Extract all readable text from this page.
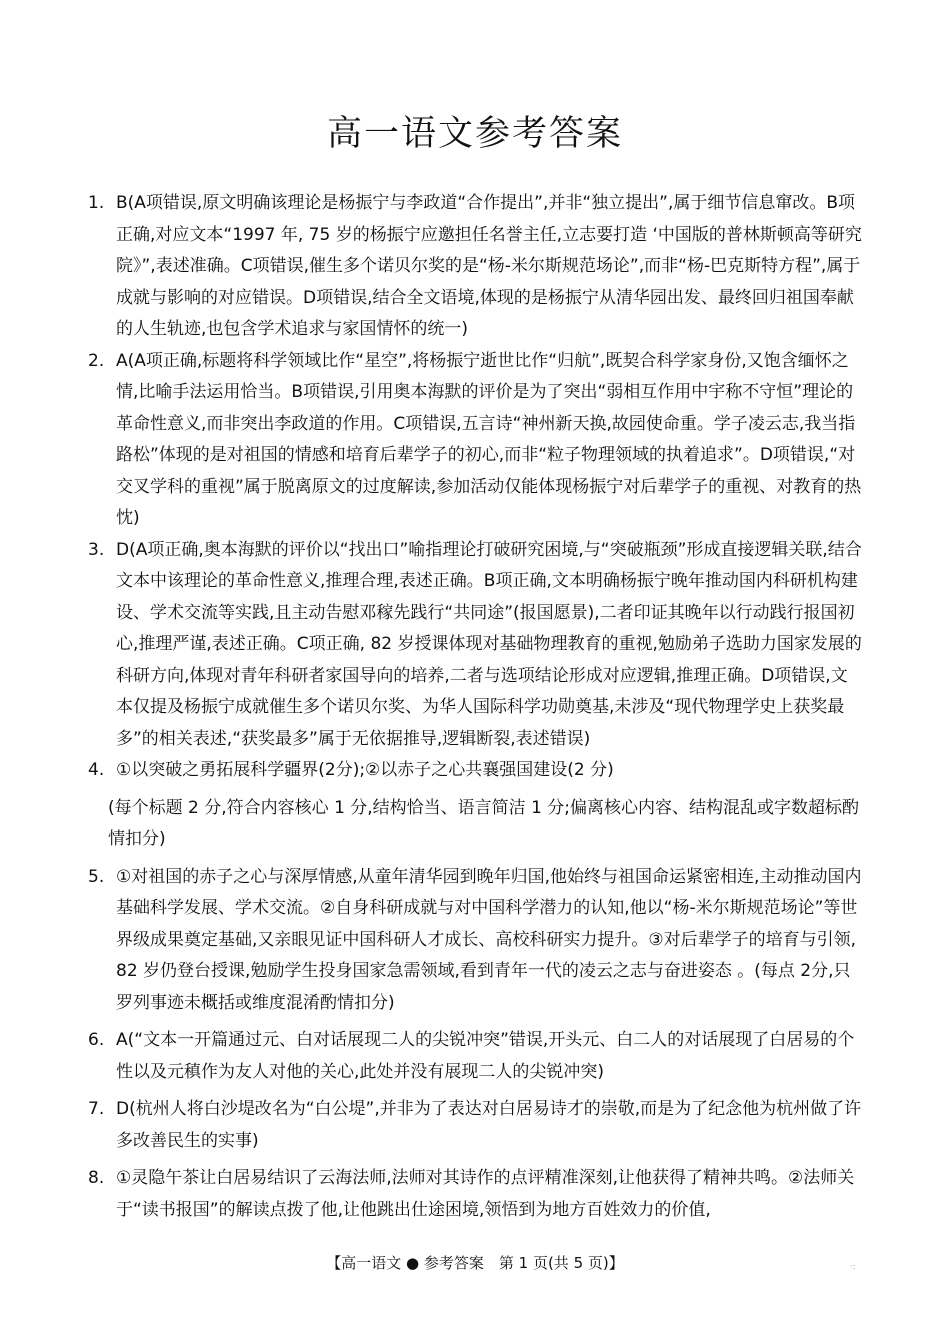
高一语文参考答案
1. B(A项错误,原文明确该理论是杨振宁与李政道“合作提出”,并非“独立提出”,属于细节信息窜改。B项正确,对应文本“1997 年, 75 岁的杨振宁应邀担任名誉主任,立志要打造 ‘中国版的普林斯顿高等研究院》”,表述准确。C项错误,催生多个诺贝尔奖的是“杨-米尔斯规范场论”,而非“杨-巴克斯特方程”,属于成就与影响的对应错误。D项错误,结合全文语境,体现的是杨振宁从清华园出发、最终回归祖国奉献的人生轨迹,也包含学术追求与家国情怀的统一)
2. A(A项正确,标题将科学领域比作“星空”,将杨振宁逝世比作“归航”,既契合科学家身份,又饱含缅怀之情,比喻手法运用恰当。B项错误,引用奥本海默的评价是为了突出“弱相互作用中宇称不守恒”理论的革命性意义,而非突出李政道的作用。C项错误,五言诗“神州新天换,故园使命重。学子凌云志,我当指路松”体现的是对祖国的情感和培育后辈学子的初心,而非“粒子物理领域的执着追求”。D项错误,“对交叉学科的重视”属于脱离原文的过度解读,参加活动仅能体现杨振宁对后辈学子的重视、对教育的热忱)
3. D(A项正确,奥本海默的评价以“找出口”喻指理论打破研究困境,与“突破瓶颈”形成直接逻辑关联,结合文本中该理论的革命性意义,推理合理,表述正确。B项正确,文本明确杨振宁晚年推动国内科研机构建设、学术交流等实践,且主动告慰邓稼先践行“共同途”(报国愿景),二者印证其晚年以行动践行报国初心,推理严谨,表述正确。C项正确, 82 岁授课体现对基础物理教育的重视,勉励弟子选助力国家发展的科研方向,体现对青年科研者家国导向的培养,二者与选项结论形成对应逻辑,推理正确。D项错误,文本仅提及杨振宁成就催生多个诺贝尔奖、为华人国际科学功勋奠基,未涉及“现代物理学史上获奖最多”的相关表述,“获奖最多”属于无依据推导,逻辑断裂,表述错误)
4. ①以突破之勇拓展科学疆界(2分);②以赤子之心共襄强国建设(2 分)
(每个标题 2 分,符合内容核心 1 分,结构恰当、语言简洁 1 分;偏离核心内容、结构混乱或字数超标酌情扣分)
5. ①对祖国的赤子之心与深厚情感,从童年清华园到晚年归国,他始终与祖国命运紧密相连,主动推动国内基础科学发展、学术交流。②自身科研成就与对中国科学潜力的认知,他以“杨-米尔斯规范场论”等世界级成果奠定基础,又亲眼见证中国科研人才成长、高校科研实力提升。③对后辈学子的培育与引领, 82 岁仍登台授课,勉励学生投身国家急需领域,看到青年一代的凌云之志与奋进姿态 。(每点 2分,只罗列事迹未概括或维度混淆酌情扣分)
6. A(“文本一开篇通过元、白对话展现二人的尖锐冲突”错误,开头元、白二人的对话展现了白居易的个性以及元稹作为友人对他的关心,此处并没有展现二人的尖锐冲突)
7. D(杭州人将白沙堤改名为“白公堤”,并非为了表达对白居易诗才的崇敬,而是为了纪念他为杭州做了许多改善民生的实事)
8. ①灵隐午茶让白居易结识了云海法师,法师对其诗作的点评精准深刻,让他获得了精神共鸣。②法师关于“读书报国”的解读点拨了他,让他跳出仕途困境,领悟到为地方百姓效力的价值,
【高一语文 ● 参考答案　第 1 页(共 5 页)】	·:
